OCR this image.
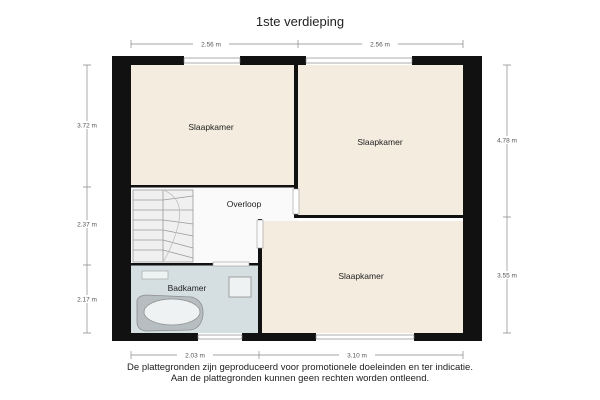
1ste verdieping
2.56 m	2.56 m
2.03 m	3.10 m
3.72 m
2.37 m
2.17 m
4.78 m
3.55 m
Slaapkamer
Slaapkamer
Overloop
Badkamer
Slaapkamer
De plattegronden zijn geproduceerd voor promotionele doeleinden en ter indicatie.
Aan de plattegronden kunnen geen rechten worden ontleend.
